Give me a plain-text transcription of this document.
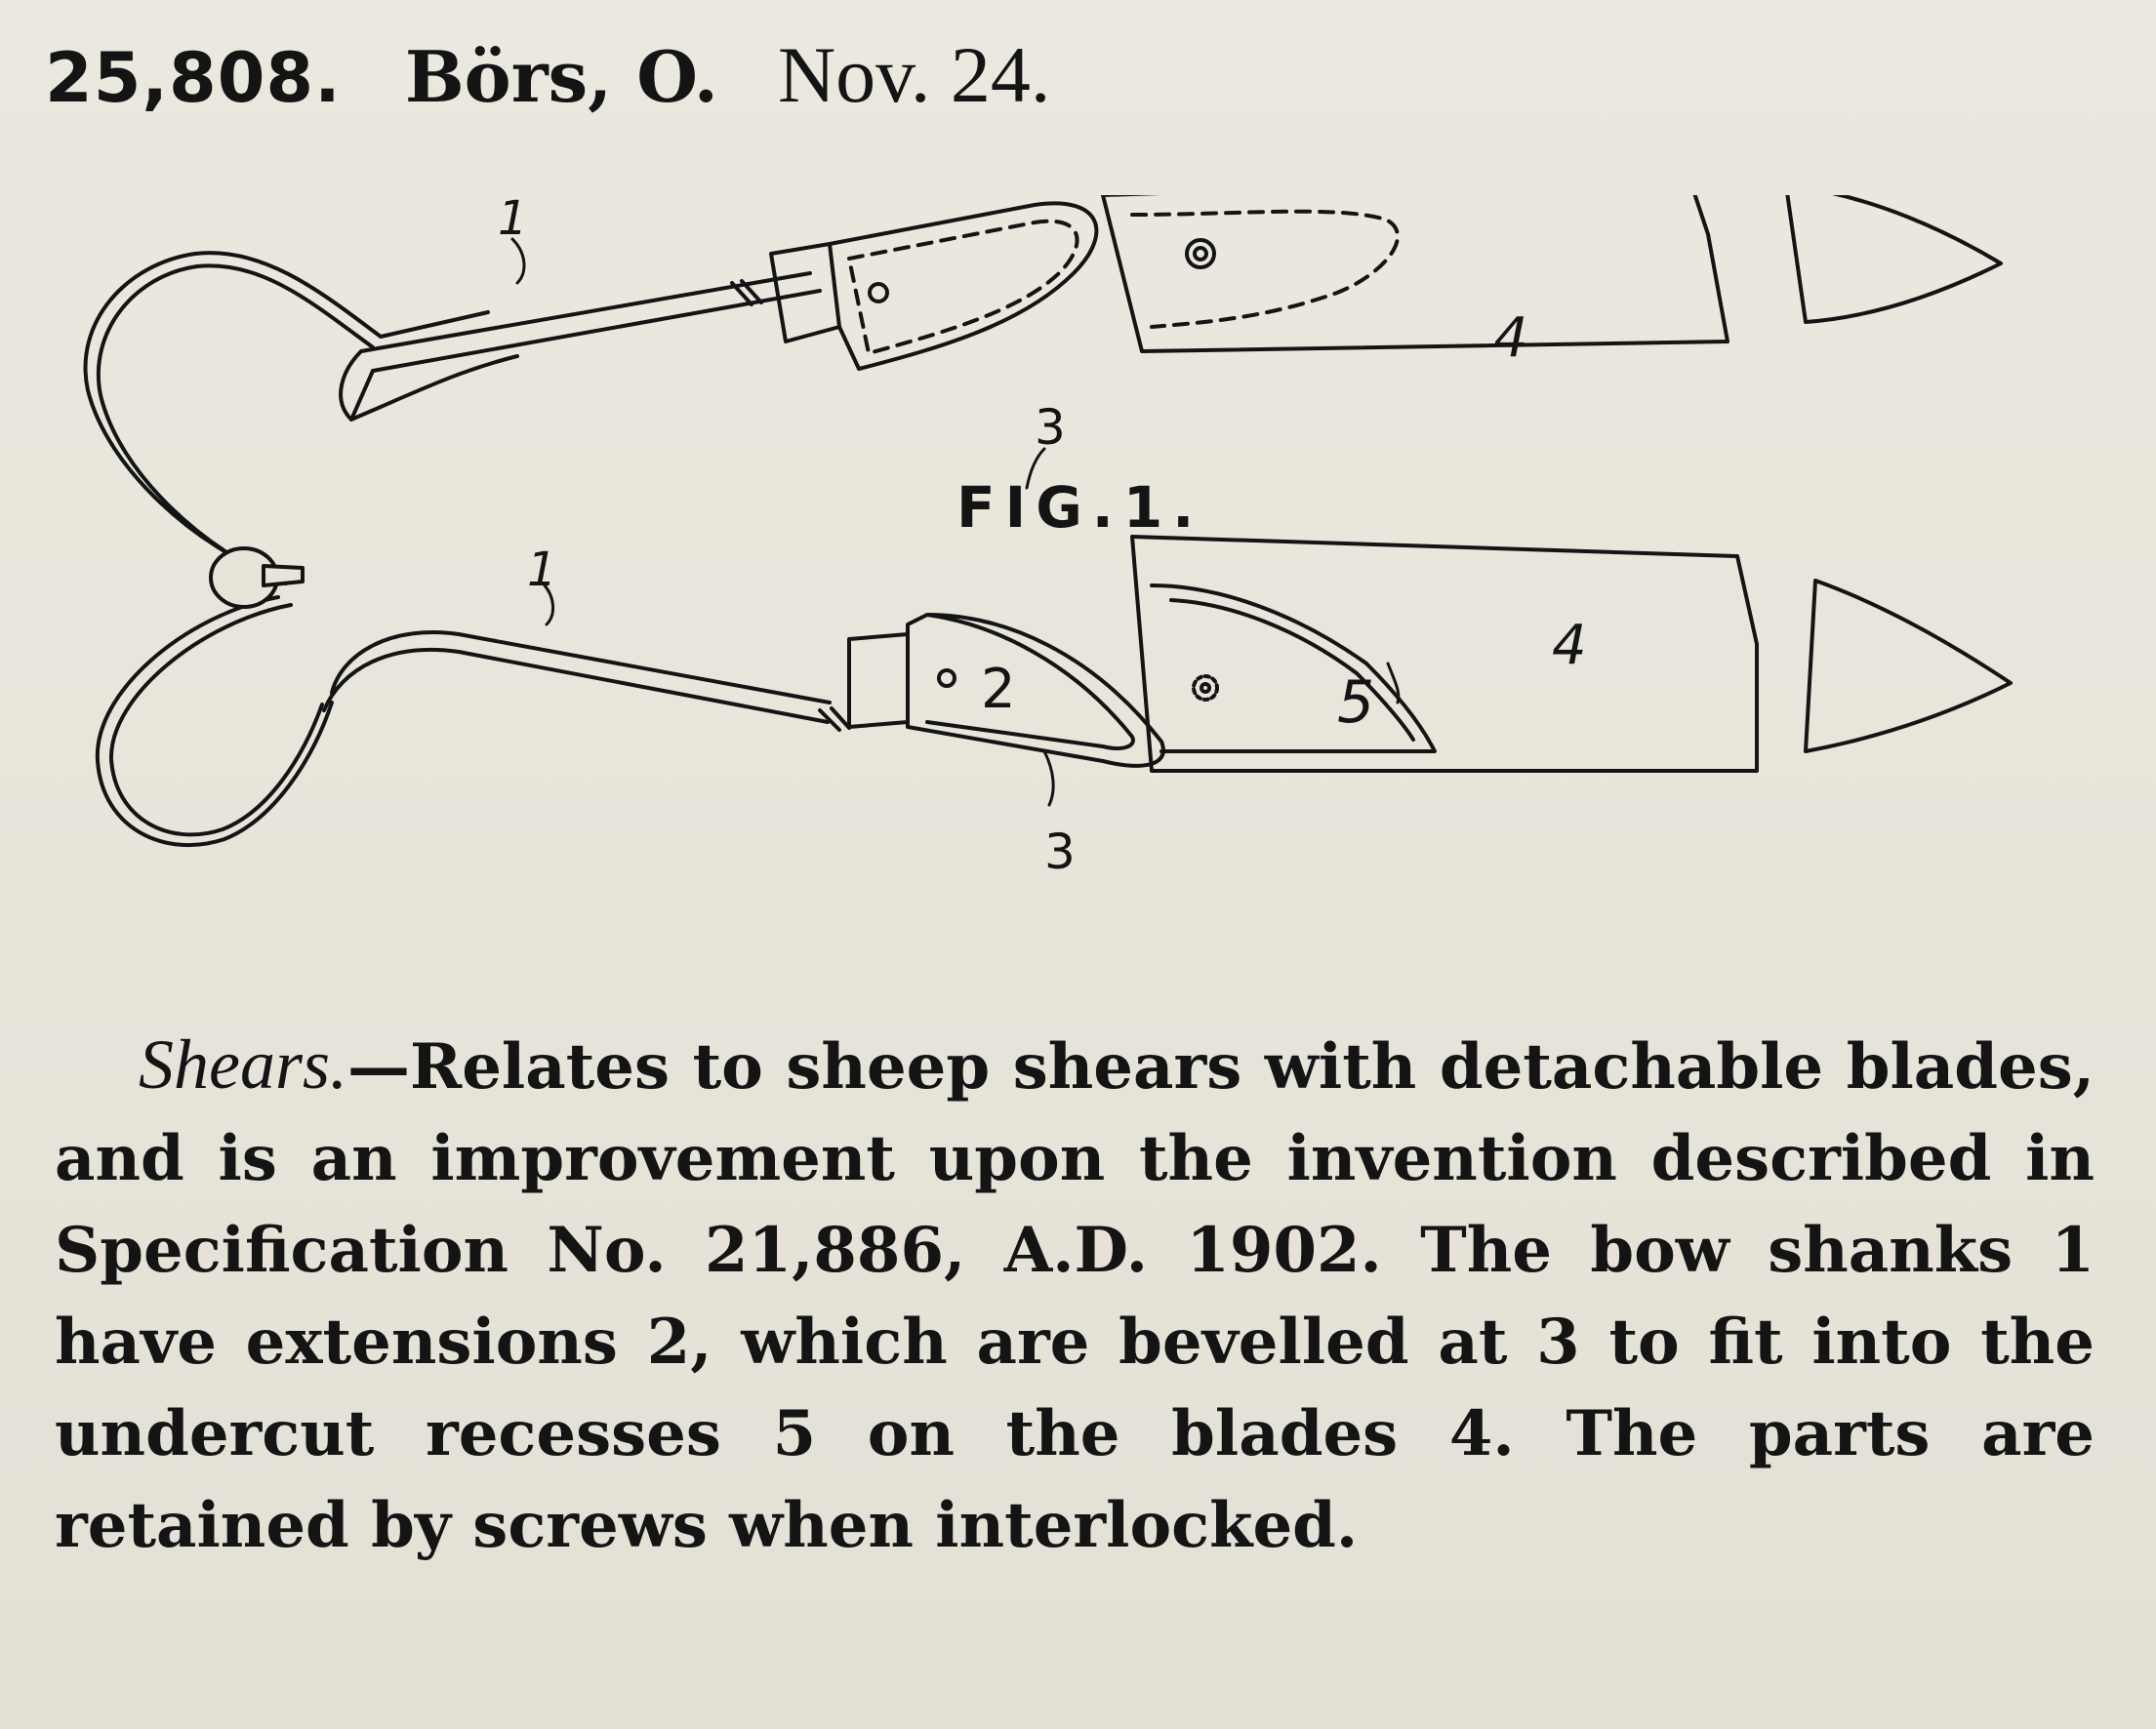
25,808. Börs, O. Nov. 24.
1
1
2
3
3
4
4
5
FIG.1.
Shears.—Relates to sheep shears with detachable blades, and is an improvement upon the invention described in Specification No. 21,886, A.D. 1902. The bow shanks 1 have extensions 2, which are bevelled at 3 to fit into the undercut recesses 5 on the blades 4. The parts are retained by screws when interlocked.
